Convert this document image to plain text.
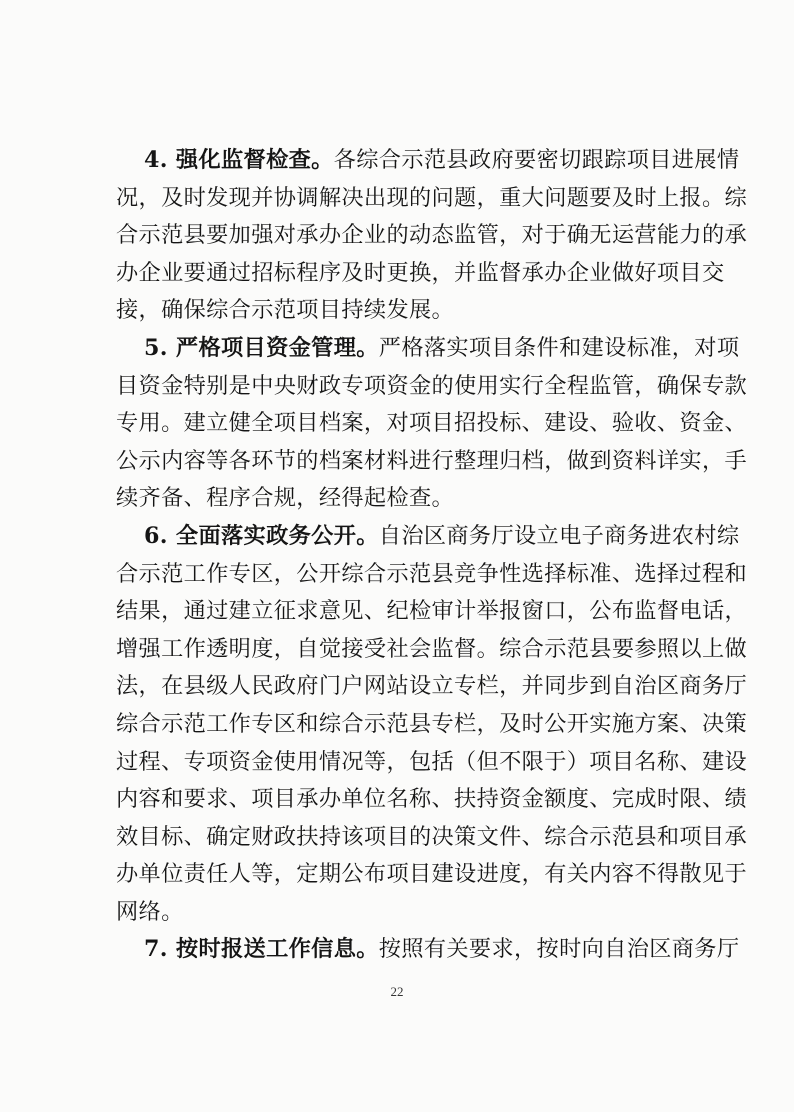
4. 强化监督检查。各综合示范县政府要密切跟踪项目进展情
况，及时发现并协调解决出现的问题，重大问题要及时上报。综
合示范县要加强对承办企业的动态监管，对于确无运营能力的承
办企业要通过招标程序及时更换，并监督承办企业做好项目交
接，确保综合示范项目持续发展。
5. 严格项目资金管理。严格落实项目条件和建设标准，对项
目资金特别是中央财政专项资金的使用实行全程监管，确保专款
专用。建立健全项目档案，对项目招投标、建设、验收、资金、
公示内容等各环节的档案材料进行整理归档，做到资料详实，手
续齐备、程序合规，经得起检查。
6. 全面落实政务公开。自治区商务厅设立电子商务进农村综
合示范工作专区，公开综合示范县竞争性选择标准、选择过程和
结果，通过建立征求意见、纪检审计举报窗口，公布监督电话，
增强工作透明度，自觉接受社会监督。综合示范县要参照以上做
法，在县级人民政府门户网站设立专栏，并同步到自治区商务厅
综合示范工作专区和综合示范县专栏，及时公开实施方案、决策
过程、专项资金使用情况等，包括（但不限于）项目名称、建设
内容和要求、项目承办单位名称、扶持资金额度、完成时限、绩
效目标、确定财政扶持该项目的决策文件、综合示范县和项目承
办单位责任人等，定期公布项目建设进度，有关内容不得散见于
网络。
7. 按时报送工作信息。按照有关要求，按时向自治区商务厅
22
